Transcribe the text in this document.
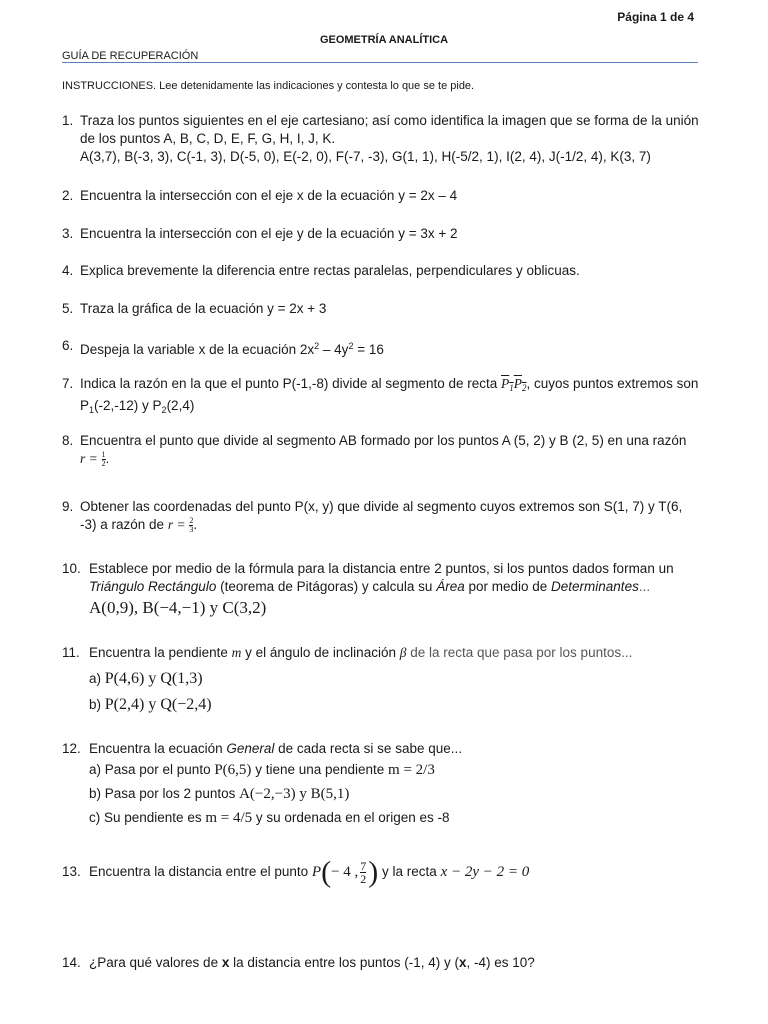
Página 1 de 4
GEOMETRÍA ANALÍTICA
GUÍA DE RECUPERACIÓN
INSTRUCCIONES. Lee detenidamente las indicaciones y contesta lo que se te pide.
1. Traza los puntos siguientes en el eje cartesiano; así como identifica la imagen que se forma de la unión de los puntos A, B, C, D, E, F, G, H, I, J, K.
A(3,7), B(-3, 3), C(-1, 3), D(-5, 0), E(-2, 0), F(-7, -3), G(1, 1), H(-5/2, 1), I(2, 4), J(-1/2, 4), K(3, 7)
2. Encuentra la intersección con el eje x de la ecuación y = 2x – 4
3. Encuentra la intersección con el eje y de la ecuación y = 3x + 2
4. Explica brevemente la diferencia entre rectas paralelas, perpendiculares y oblicuas.
5. Traza la gráfica de la ecuación y = 2x + 3
6. Despeja la variable x de la ecuación $2x^2 - 4y^2 = 16$
7. Indica la razón en la que el punto P(-1,-8) divide al segmento de recta $P_1P_2$, cuyos puntos extremos son $P_1(-2,-12)$ y $P_2(2,4)$
8. Encuentra el punto que divide al segmento AB formado por los puntos A (5, 2) y B (2, 5) en una razón
$r = \frac{1}{2}$ .
9. Obtener las coordenadas del punto P(x, y) que divide al segmento cuyos extremos son S(1, 7) y T(6, -3) a razón de $r = \frac{2}{3}$ .
10. Establece por medio de la fórmula para la distancia entre 2 puntos, si los puntos dados forman un Triángulo Rectángulo (teorema de Pitágoras) y calcula su Área por medio de Determinantes...
A(0,9), B(−4,−1) y C(3,2)
11. Encuentra la pendiente m y el ángulo de inclinación β de la recta que pasa por los puntos...
a) P(4,6) y Q(1,3)
b) P(2,4) y Q(−2,4)
12. Encuentra la ecuación General de cada recta si se sabe que...
a) Pasa por el punto P(6,5) y tiene una pendiente m = 2/3
b) Pasa por los 2 puntos A(−2,−3) y B(5,1)
c) Su pendiente es m = 4/5 y su ordenada en el origen es -8
13. Encuentra la distancia entre el punto P(− 4 , $\frac{7}{2}$ ) y la recta x − 2y − 2 = 0
14. ¿Para qué valores de x la distancia entre los puntos (-1, 4) y (x, -4) es 10?
